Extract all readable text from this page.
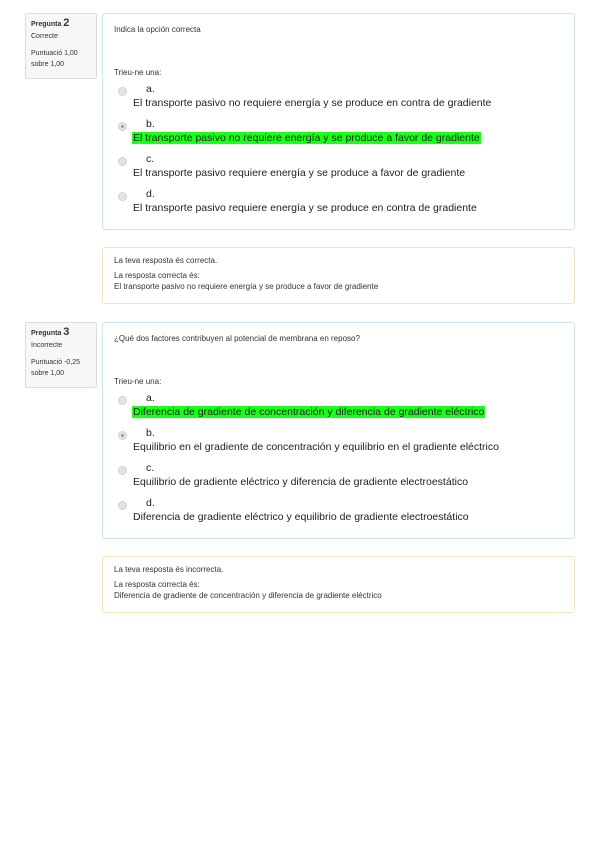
Pregunta 2
Correcte
Puntuació 1,00
sobre 1,00
Indica la opción correcta
Trieu-ne una:
a.
El transporte pasivo no requiere energía y se produce en contra de gradiente
b.
El transporte pasivo no requiere energía y se produce a favor de gradiente
c.
El transporte pasivo requiere energía y se produce a favor de gradiente
d.
El transporte pasivo requiere energía y se produce en contra de gradiente
La teva resposta és correcta.
La resposta correcta és:
El transporte pasivo no requiere energía y se produce a favor de gradiente
Pregunta 3
Incorrecte
Puntuació -0,25
sobre 1,00
¿Qué dos factores contribuyen al potencial de membrana en reposo?
Trieu-ne una:
a.
Diferencia de gradiente de concentración y diferencia de gradiente eléctrico
b.
Equilibrio en el gradiente de concentración y equilibrio en el gradiente eléctrico
c.
Equilibrio de gradiente eléctrico y diferencia de gradiente electroestático
d.
Diferencia de gradiente eléctrico y equilibrio de gradiente electroestático
La teva resposta és incorrecta.
La resposta correcta és:
Diferencia de gradiente de concentración y diferencia de gradiente eléctrico
